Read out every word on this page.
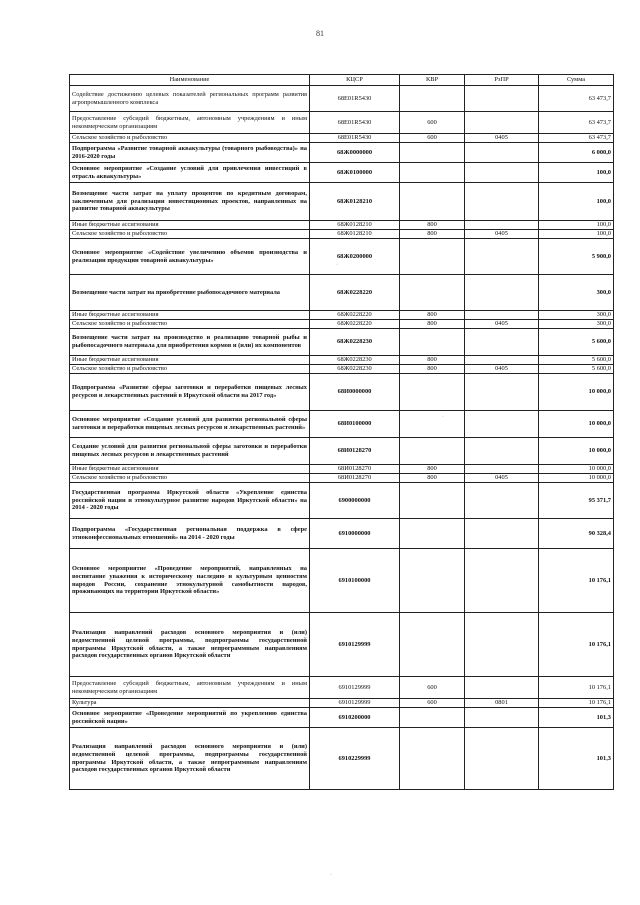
81
Наименование	КЦСР	КВР	РзПР	Сумма
Содействие достижению целевых показателей региональных программ развития агропромышленного комплекса	68Е01R5430			63 473,7
Предоставление субсидий бюджетным, автономным учреждениям и иным некоммерческим организациям	68Е01R5430	600		63 473,7
Сельское хозяйство и рыболовство	68Е01R5430	600	0405	63 473,7
Подпрограмма «Развитие товарной аквакультуры (товарного рыбоводства)» на 2016-2020 годы	68Ж0000000			6 000,0
Основное мероприятие «Создание условий для привлечения инвестиций в отрасль аквакультуры»	68Ж0100000			100,0
Возмещение части затрат на уплату процентов по кредитным договорам, заключенным для реализации инвестиционных проектов, направленных на развитие товарной аквакультуры	68Ж0128210			100,0
Иные бюджетные ассигнования	68Ж0128210	800		100,0
Сельское хозяйство и рыболовство	68Ж0128210	800	0405	100,0
Основное мероприятие «Содействие увеличению объемов производства и реализации продукции товарной аквакультуры»	68Ж0200000			5 900,0
Возмещение части затрат на приобретение рыбопосадочного материала	68Ж0228220			300,0
Иные бюджетные ассигнования	68Ж0228220	800		300,0
Сельское хозяйство и рыболовство	68Ж0228220	800	0405	300,0
Возмещение части затрат на производство и реализацию товарной рыбы и рыбопосадочного материала для приобретения кормов и (или) их компонентов	68Ж0228230			5 600,0
Иные бюджетные ассигнования	68Ж0228230	800		5 600,0
Сельское хозяйство и рыболовство	68Ж0228230	800	0405	5 600,0
Подпрограмма «Развитие сферы заготовки и переработки пищевых лесных ресурсов и лекарственных растений в Иркутской области на 2017 год»	68И0000000			10 000,0
Основное мероприятие «Создание условий для развития региональной сферы заготовки и переработки пищевых лесных ресурсов и лекарственных растений»	68И0100000			10 000,0
Создание условий для развития региональной сферы заготовки и переработки пищевых лесных ресурсов и лекарственных растений	68И0128270			10 000,0
Иные бюджетные ассигнования	68И0128270	800		10 000,0
Сельское хозяйство и рыболовство	68И0128270	800	0405	10 000,0
Государственная программа Иркутской области «Укрепление единства российской нации и этнокультурное развитие народов Иркутской области» на 2014 - 2020 годы	6900000000			95 371,7
Подпрограмма «Государственная региональная поддержка в сфере этноконфессиональных отношений» на 2014 - 2020 годы	6910000000			90 328,4
Основное мероприятие «Проведение мероприятий, направленных на воспитание уважения к историческому наследию и культурным ценностям народов России, сохранение этнокультурной самобытности народов, проживающих на территории Иркутской области»	6910100000			10 176,1
Реализация направлений расходов основного мероприятия и (или) ведомственной целевой программы, подпрограммы государственной программы Иркутской области, а также непрограммным направлениям расходов государственных органов Иркутской области	6910129999			10 176,1
Предоставление субсидий бюджетным, автономным учреждениям и иным некоммерческим организациям	6910129999	600		10 176,1
Культура	6910129999	600	0801	10 176,1
Основное мероприятие «Проведение мероприятий по укреплению единства российской нации»	6910200000			101,3
Реализация направлений расходов основного мероприятия и (или) ведомственной целевой программы, подпрограммы государственной программы Иркутской области, а также непрограммным направлениям расходов государственных органов Иркутской области	6910229999			101,3
·
·
·
